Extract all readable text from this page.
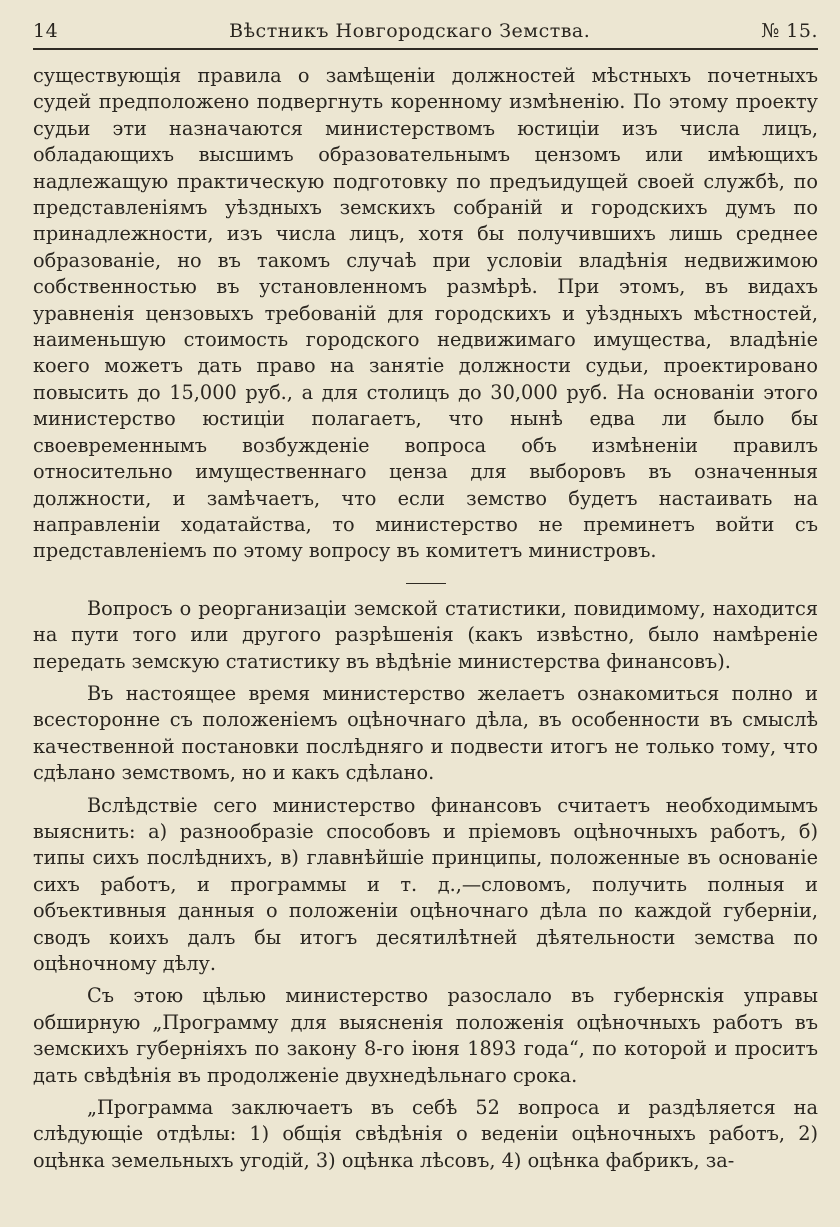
14	Вѣстникъ Новгородскаго Земства.	№ 15.

существующія правила о замѣщеніи должностей мѣстныхъ почетныхъ судей предположено подвергнуть коренному измѣненію. По этому проекту судьи эти назначаются министерствомъ юстиціи изъ числа лицъ, обладающихъ высшимъ образовательнымъ цензомъ или имѣющихъ надлежащую практическую подготовку по предъидущей своей службѣ, по представленіямъ уѣздныхъ земскихъ собраній и городскихъ думъ по принадлежности, изъ числа лицъ, хотя бы получившихъ лишь среднее образованіе, но въ такомъ случаѣ при условіи владѣнія недвижимою собственностью въ установленномъ размѣрѣ. При этомъ, въ видахъ уравненія цензовыхъ требованій для городскихъ и уѣздныхъ мѣстностей, наименьшую стоимость городского недвижимаго имущества, владѣніе коего можетъ дать право на занятіе должности судьи, проектировано повысить до 15,000 руб., а для столицъ до 30,000 руб. На основаніи этого министерство юстиціи полагаетъ, что нынѣ едва ли было бы своевременнымъ возбужденіе вопроса объ измѣненіи правилъ относительно имущественнаго ценза для выборовъ въ означенныя должности, и замѣчаетъ, что если земство будетъ настаивать на направленіи ходатайства, то министерство не преминетъ войти съ представленіемъ по этому вопросу въ комитетъ министровъ.

Вопросъ о реорганизаціи земской статистики, повидимому, находится на пути того или другого разрѣшенія (какъ извѣстно, было намѣреніе передать земскую статистику въ вѣдѣніе министерства финансовъ).

Въ настоящее время министерство желаетъ ознакомиться полно и всесторонне съ положеніемъ оцѣночнаго дѣла, въ особенности въ смыслѣ качественной постановки послѣдняго и подвести итогъ не только тому, что сдѣлано земствомъ, но и какъ сдѣлано.

Вслѣдствіе сего министерство финансовъ считаетъ необходимымъ выяснить: а) разнообразіе способовъ и пріемовъ оцѣночныхъ работъ, б) типы сихъ послѣднихъ, в) главнѣйшіе принципы, положенные въ основаніе сихъ работъ, и программы и т. д.,—словомъ, получить полныя и объективныя данныя о положеніи оцѣночнаго дѣла по каждой губерніи, сводъ коихъ далъ бы итогъ десятилѣтней дѣятельности земства по оцѣночному дѣлу.

Съ этою цѣлью министерство разослало въ губернскія управы обширную „Программу для выясненія положенія оцѣночныхъ работъ въ земскихъ губерніяхъ по закону 8-го іюня 1893 года“, по которой и проситъ дать свѣдѣнія въ продолженіе двухнедѣльнаго срока.

„Программа заключаетъ въ себѣ 52 вопроса и раздѣляется на слѣдующіе отдѣлы: 1) общія свѣдѣнія о веденіи оцѣночныхъ работъ, 2) оцѣнка земельныхъ угодій, 3) оцѣнка лѣсовъ, 4) оцѣнка фабрикъ, за-
